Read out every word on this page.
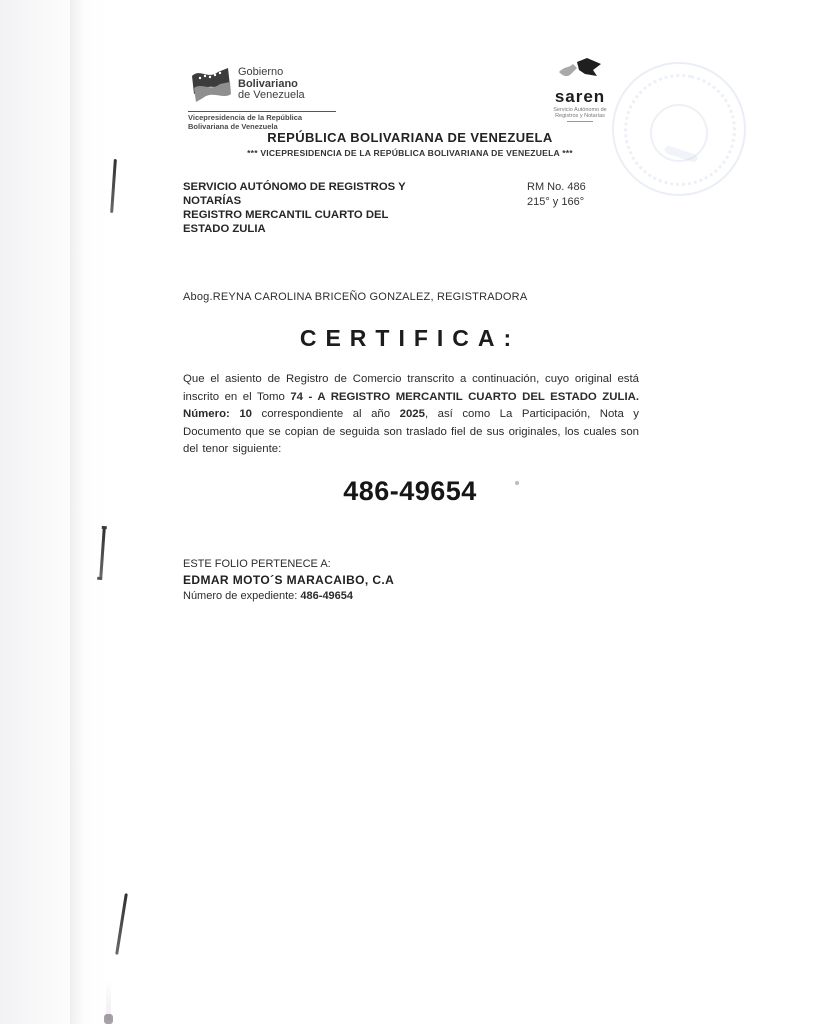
Gobierno
Bolivariano
de Venezuela
Vicepresidencia de la República
Bolivariana de Venezuela
saren
Servicio Autónomo de
Registros y Notarías
REPÚBLICA BOLIVARIANA DE VENEZUELA
*** VICEPRESIDENCIA DE LA REPÚBLICA BOLIVARIANA DE VENEZUELA ***
SERVICIO AUTÓNOMO DE REGISTROS Y NOTARÍAS
REGISTRO MERCANTIL CUARTO DEL ESTADO ZULIA
RM No. 486
215° y 166°
Abog.REYNA CAROLINA BRICEÑO GONZALEZ, REGISTRADORA
CERTIFICA:
Que el asiento de Registro de Comercio transcrito a continuación, cuyo original está inscrito en el Tomo 74 - A REGISTRO MERCANTIL CUARTO DEL ESTADO ZULIA. Número: 10 correspondiente al año 2025, así como La Participación, Nota y Documento que se copian de seguida son traslado fiel de sus originales, los cuales son del tenor siguiente:
486-49654
ESTE FOLIO PERTENECE A:
EDMAR MOTO´S MARACAIBO, C.A
Número de expediente: 486-49654
